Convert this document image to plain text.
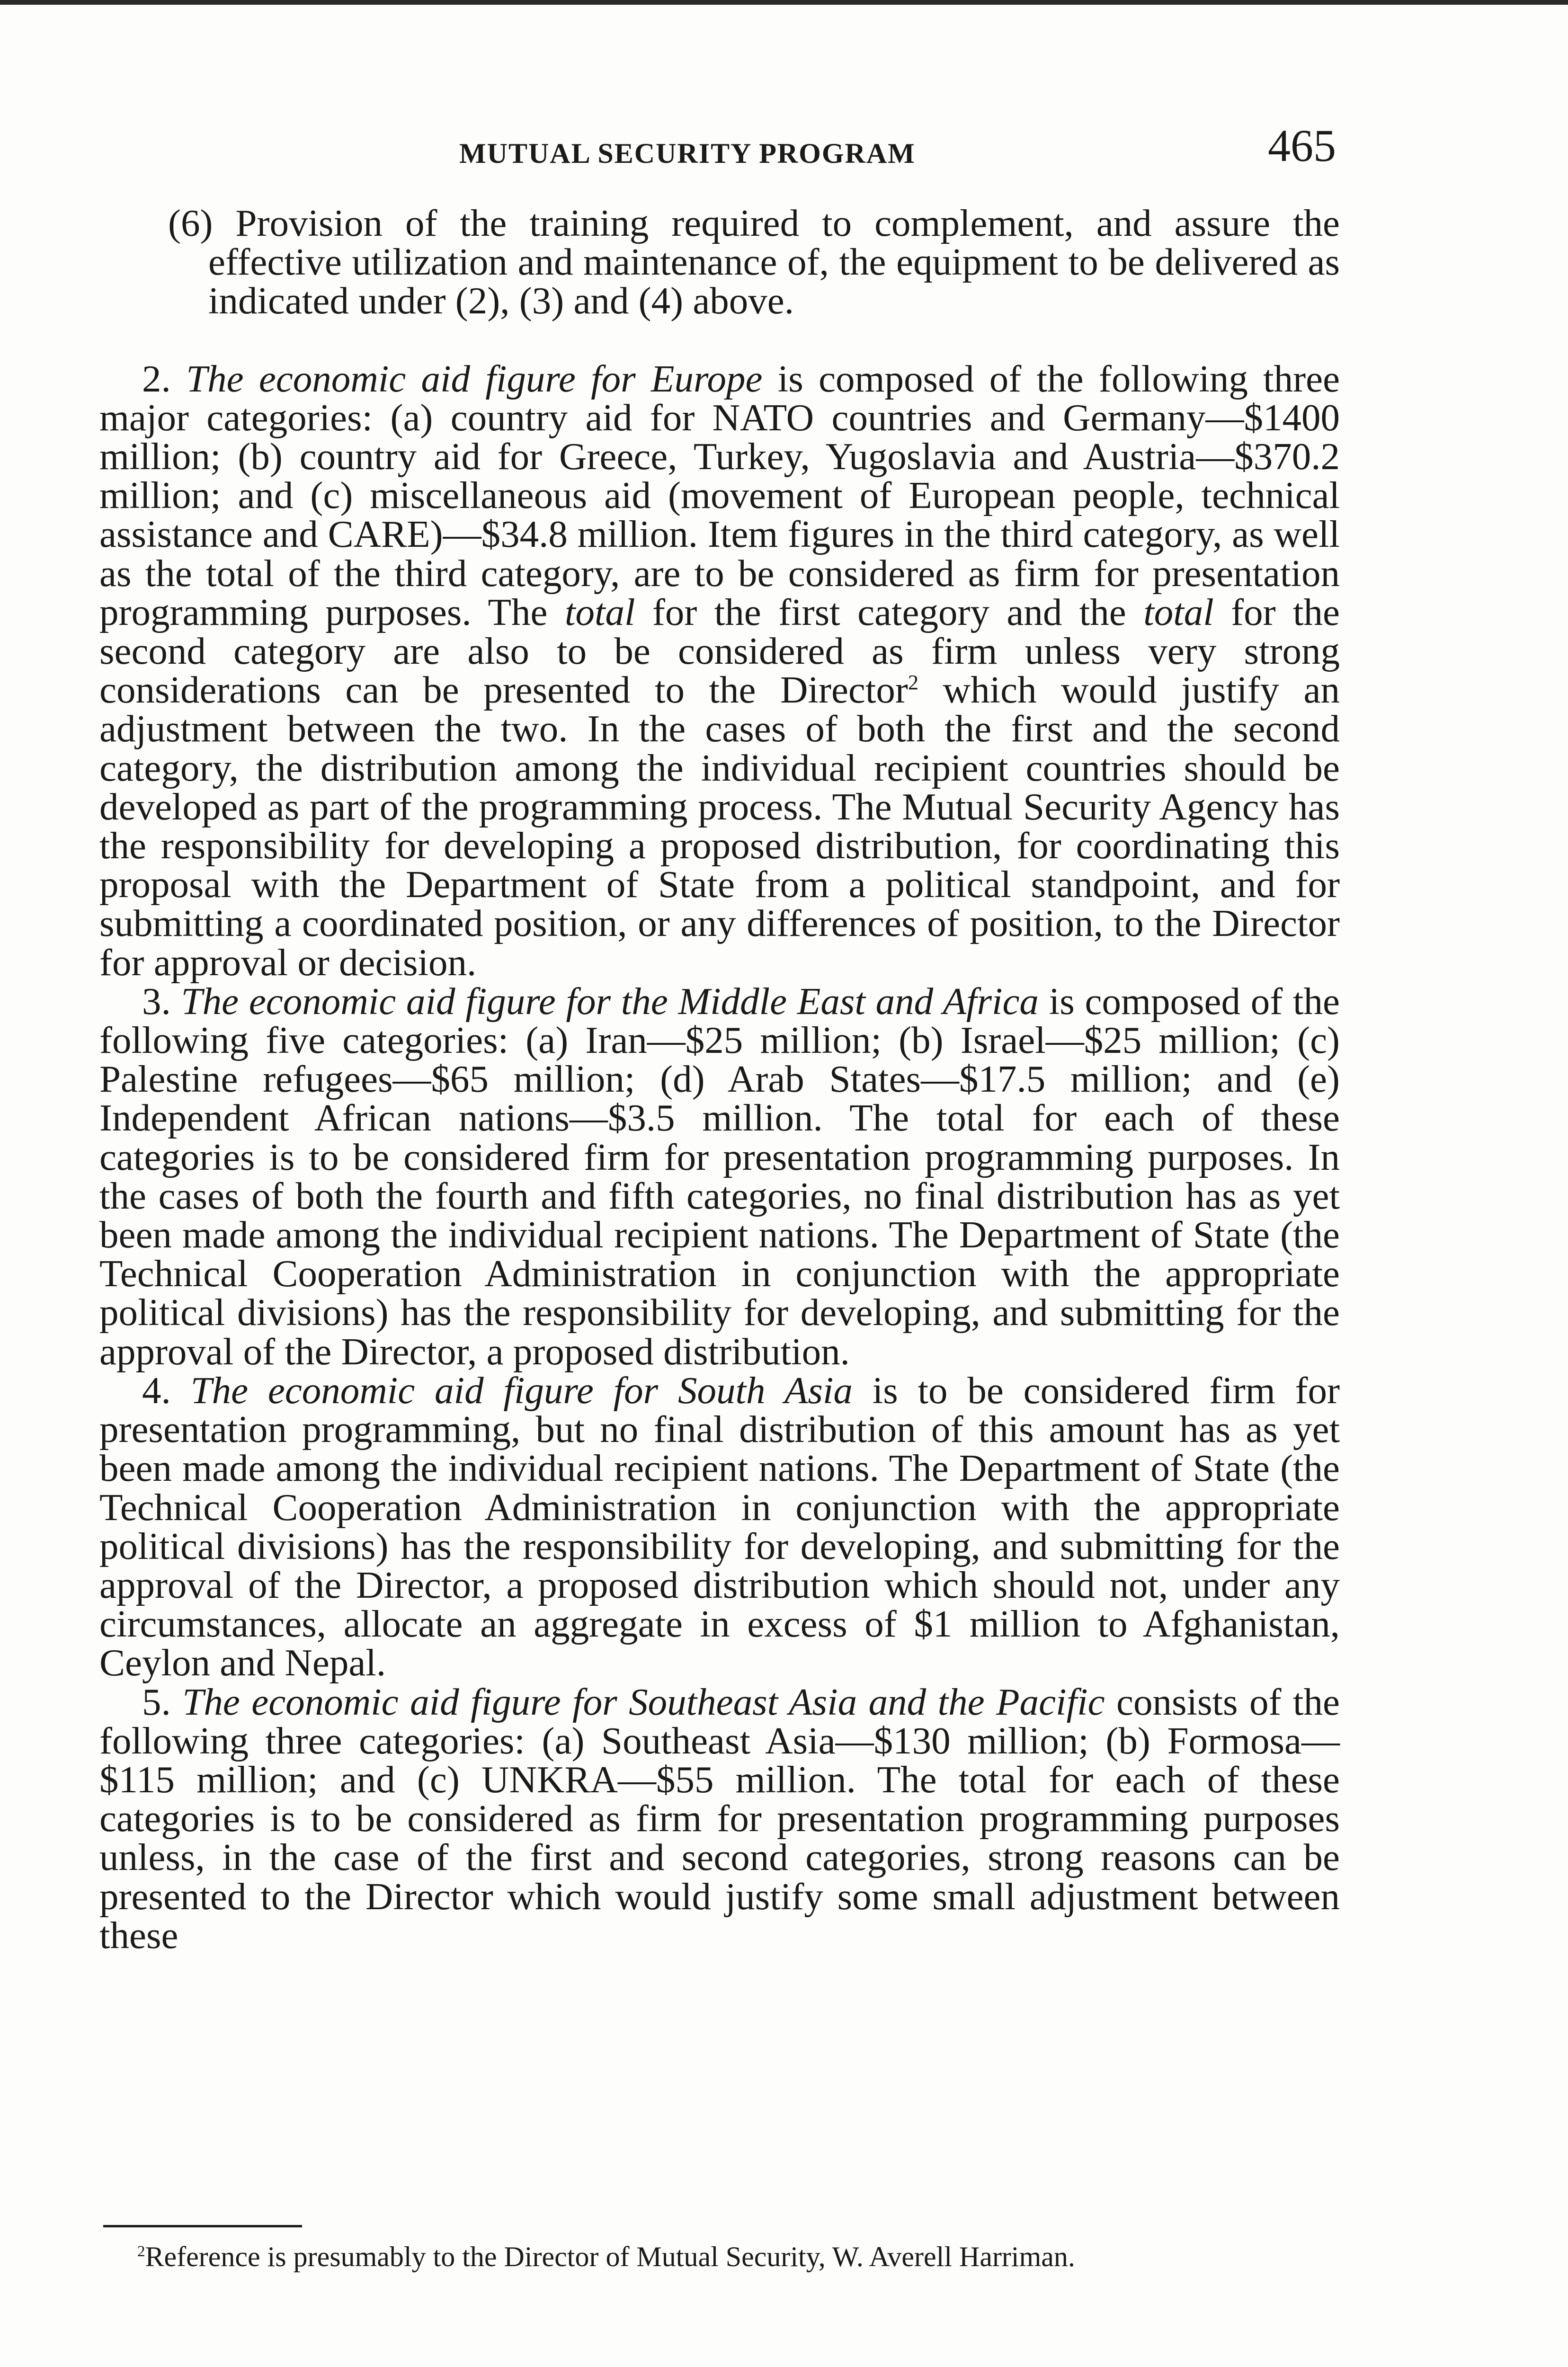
MUTUAL SECURITY PROGRAM	465

(6) Provision of the training required to complement, and assure the effective utilization and maintenance of, the equipment to be delivered as indicated under (2), (3) and (4) above.

2. The economic aid figure for Europe is composed of the following three major categories: (a) country aid for NATO countries and Germany—$1400 million; (b) country aid for Greece, Turkey, Yugoslavia and Austria—$370.2 million; and (c) miscellaneous aid (movement of European people, technical assistance and CARE)—$34.8 million. Item figures in the third category, as well as the total of the third category, are to be considered as firm for presentation programming purposes. The total for the first category and the total for the second category are also to be considered as firm unless very strong considerations can be presented to the Director$^2$ which would justify an adjustment between the two. In the cases of both the first and the second category, the distribution among the individual recipient countries should be developed as part of the programming process. The Mutual Security Agency has the responsibility for developing a proposed distribution, for coordinating this proposal with the Department of State from a political standpoint, and for submitting a coordinated position, or any differences of position, to the Director for approval or decision.

3. The economic aid figure for the Middle East and Africa is composed of the following five categories: (a) Iran—$25 million; (b) Israel—$25 million; (c) Palestine refugees—$65 million; (d) Arab States—$17.5 million; and (e) Independent African nations—$3.5 million. The total for each of these categories is to be considered firm for presentation programming purposes. In the cases of both the fourth and fifth categories, no final distribution has as yet been made among the individual recipient nations. The Department of State (the Technical Cooperation Administration in conjunction with the appropriate political divisions) has the responsibility for developing, and submitting for the approval of the Director, a proposed distribution.

4. The economic aid figure for South Asia is to be considered firm for presentation programming, but no final distribution of this amount has as yet been made among the individual recipient nations. The Department of State (the Technical Cooperation Administration in conjunction with the appropriate political divisions) has the responsibility for developing, and submitting for the approval of the Director, a proposed distribution which should not, under any circumstances, allocate an aggregate in excess of $1 million to Afghanistan, Ceylon and Nepal.

5. The economic aid figure for Southeast Asia and the Pacific consists of the following three categories: (a) Southeast Asia—$130 million; (b) Formosa—$115 million; and (c) UNKRA—$55 million. The total for each of these categories is to be considered as firm for presentation programming purposes unless, in the case of the first and second categories, strong reasons can be presented to the Director which would justify some small adjustment between these

$^2$Reference is presumably to the Director of Mutual Security, W. Averell Harriman.
